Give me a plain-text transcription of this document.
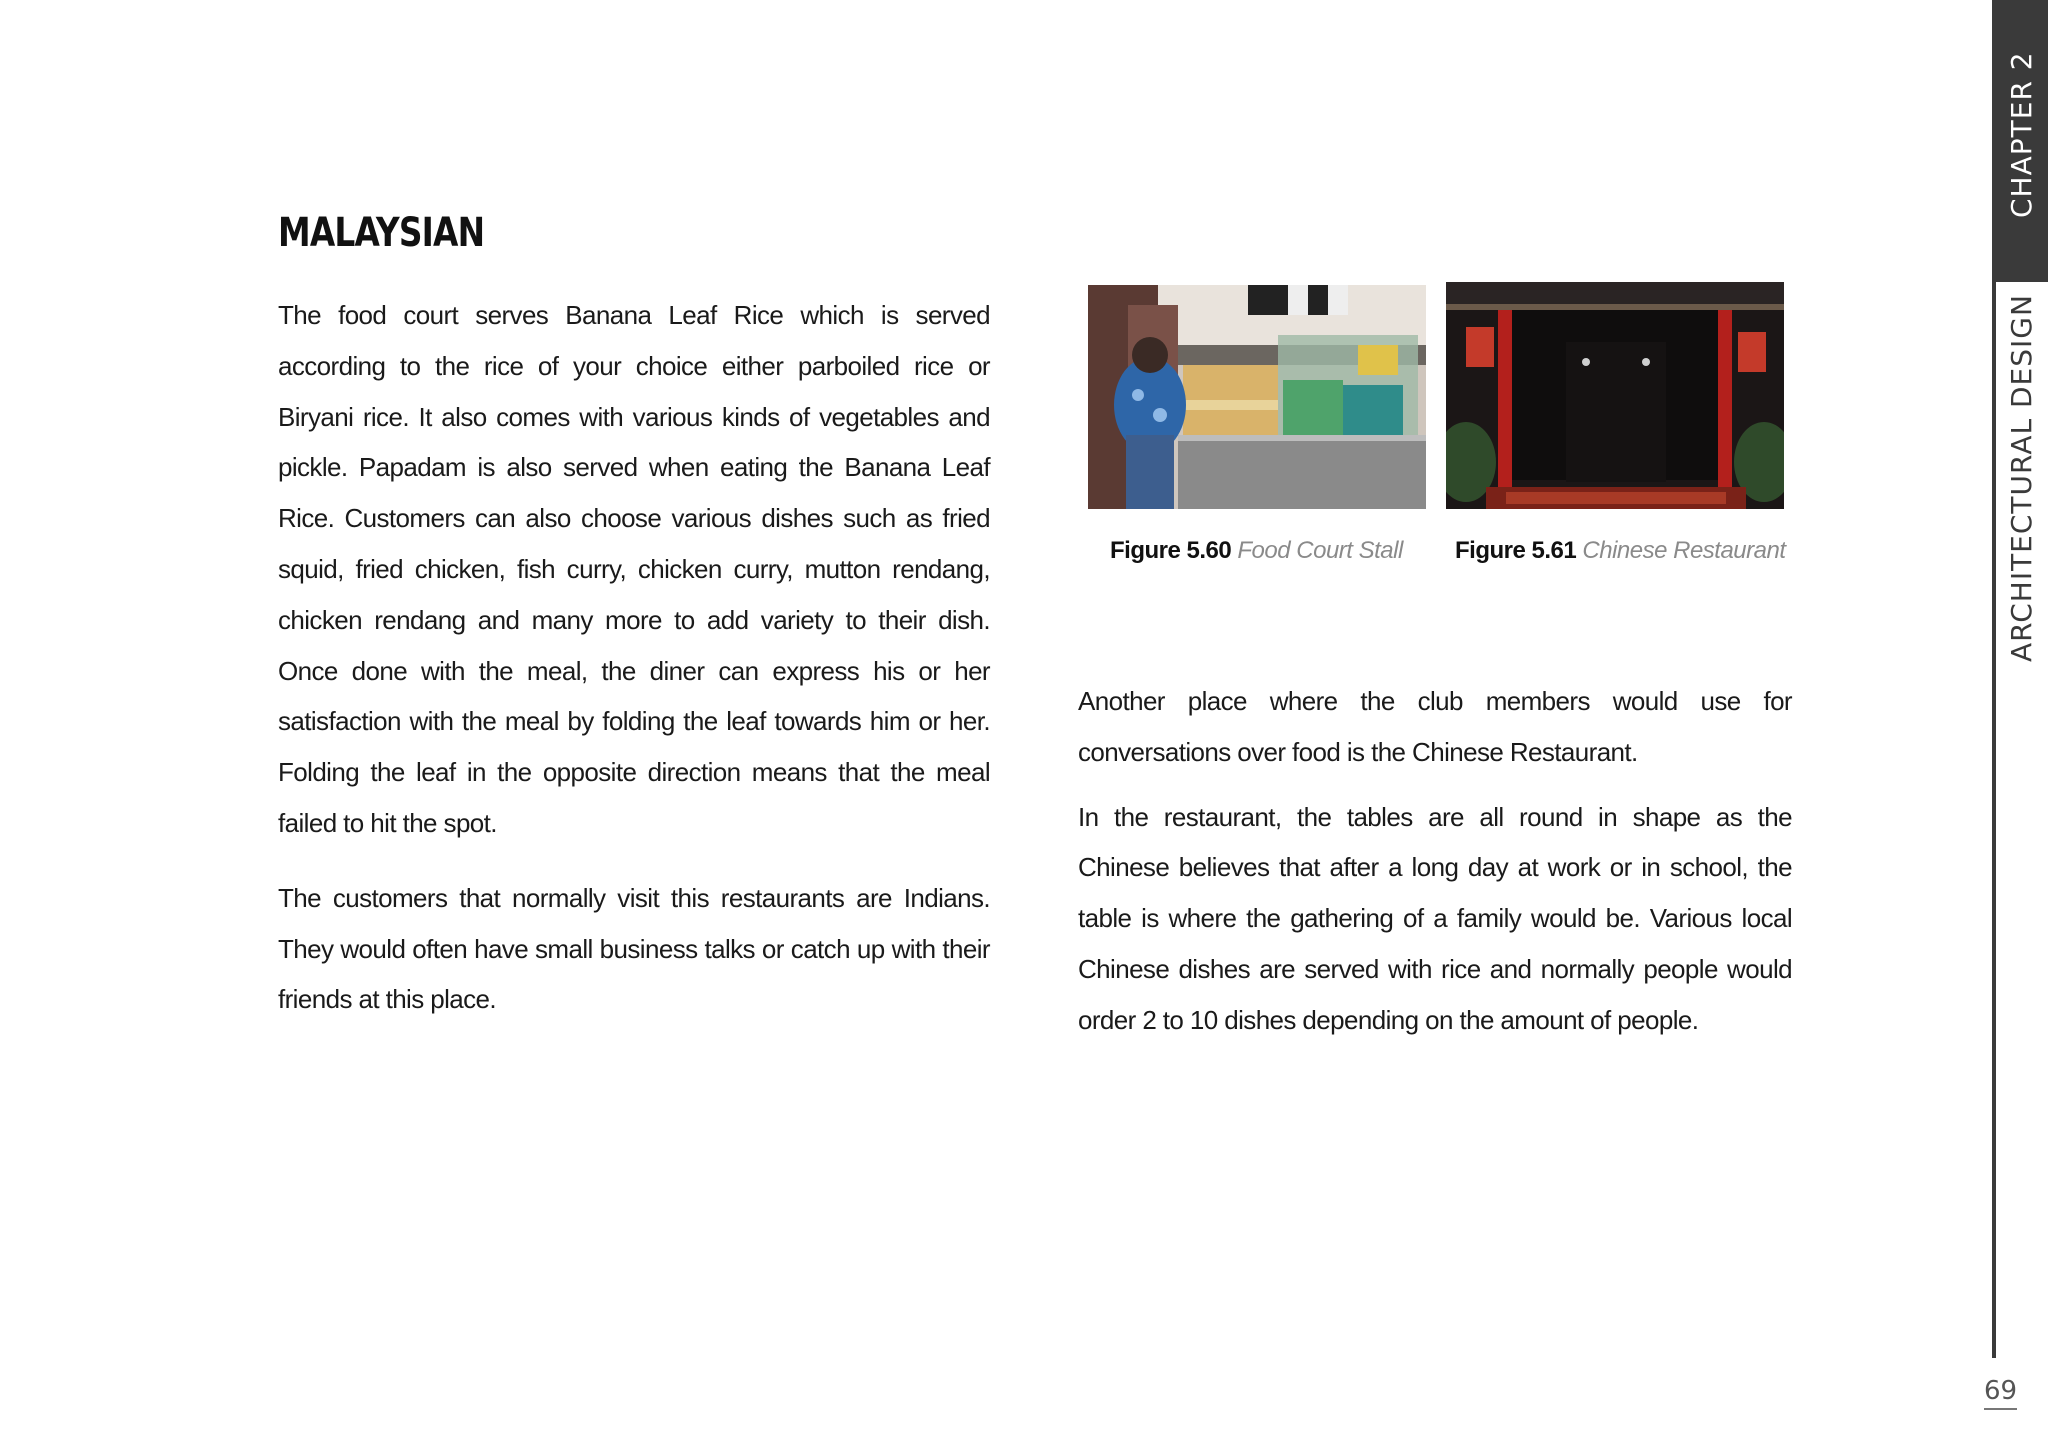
MALAYSIAN

The food court serves Banana Leaf Rice which is served according to the rice of your choice either parboiled rice or Biryani rice. It also comes with various kinds of vegetables and pickle. Papadam is also served when eating the Banana Leaf Rice. Customers can also choose various dishes such as fried squid, fried chicken, fish curry, chicken curry, mutton rendang, chicken rendang and many more to add variety to their dish. Once done with the meal, the diner can express his or her satisfaction with the meal by folding the leaf towards him or her. Folding the leaf in the opposite direction means that the meal failed to hit the spot.

The customers that normally visit this restaurants are Indians. They would often have small business talks or catch up with their friends at this place.

Figure 5.60 Food Court Stall Figure 5.61 Chinese Restaurant

Another place where the club members would use for conversations over food is the Chinese Restaurant.

In the restaurant, the tables are all round in shape as the Chinese believes that after a long day at work or in school, the table is where the gathering of a family would be. Various local Chinese dishes are served with rice and normally people would order 2 to 10 dishes depending on the amount of people.

CHAPTER 2
ARCHITECTURAL DESIGN
69
